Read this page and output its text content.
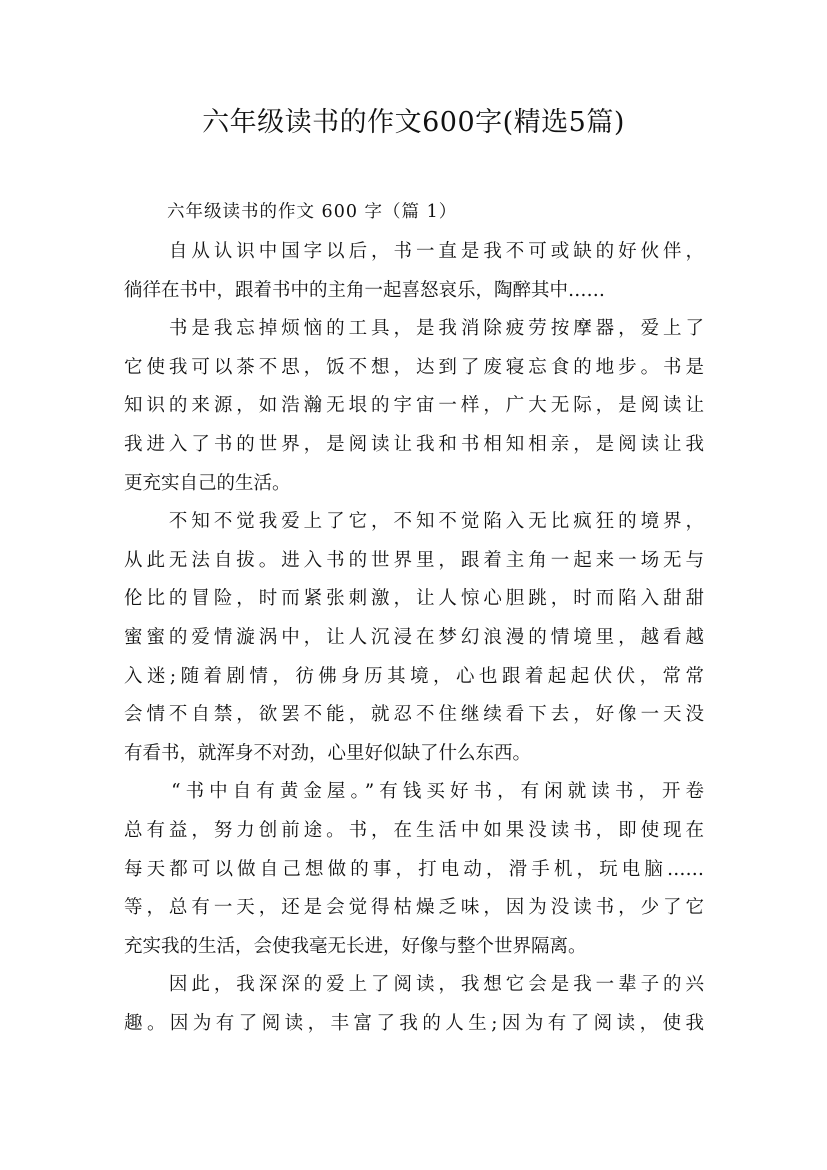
六年级读书的作文600字(精选5篇)
六年级读书的作文 600 字（篇 1）
　　自从认识中国字以后，书一直是我不可或缺的好伙伴，
徜徉在书中，跟着书中的主角一起喜怒哀乐，陶醉其中……
　　书是我忘掉烦恼的工具，是我消除疲劳按摩器，爱上了
它使我可以茶不思，饭不想，达到了废寝忘食的地步。书是
知识的来源，如浩瀚无垠的宇宙一样，广大无际，是阅读让
我进入了书的世界，是阅读让我和书相知相亲，是阅读让我
更充实自己的生活。
　　不知不觉我爱上了它，不知不觉陷入无比疯狂的境界，
从此无法自拔。进入书的世界里，跟着主角一起来一场无与
伦比的冒险，时而紧张刺激，让人惊心胆跳，时而陷入甜甜
蜜蜜的爱情漩涡中，让人沉浸在梦幻浪漫的情境里，越看越
入迷;随着剧情，彷佛身历其境，心也跟着起起伏伏，常常
会情不自禁，欲罢不能，就忍不住继续看下去，好像一天没
有看书，就浑身不对劲，心里好似缺了什么东西。
　　“书中自有黄金屋。”有钱买好书，有闲就读书，开卷
总有益，努力创前途。书，在生活中如果没读书，即使现在
每天都可以做自己想做的事，打电动，滑手机，玩电脑……
等，总有一天，还是会觉得枯燥乏味，因为没读书，少了它
充实我的生活，会使我毫无长进，好像与整个世界隔离。
　　因此，我深深的爱上了阅读，我想它会是我一辈子的兴
趣。因为有了阅读，丰富了我的人生;因为有了阅读，使我
